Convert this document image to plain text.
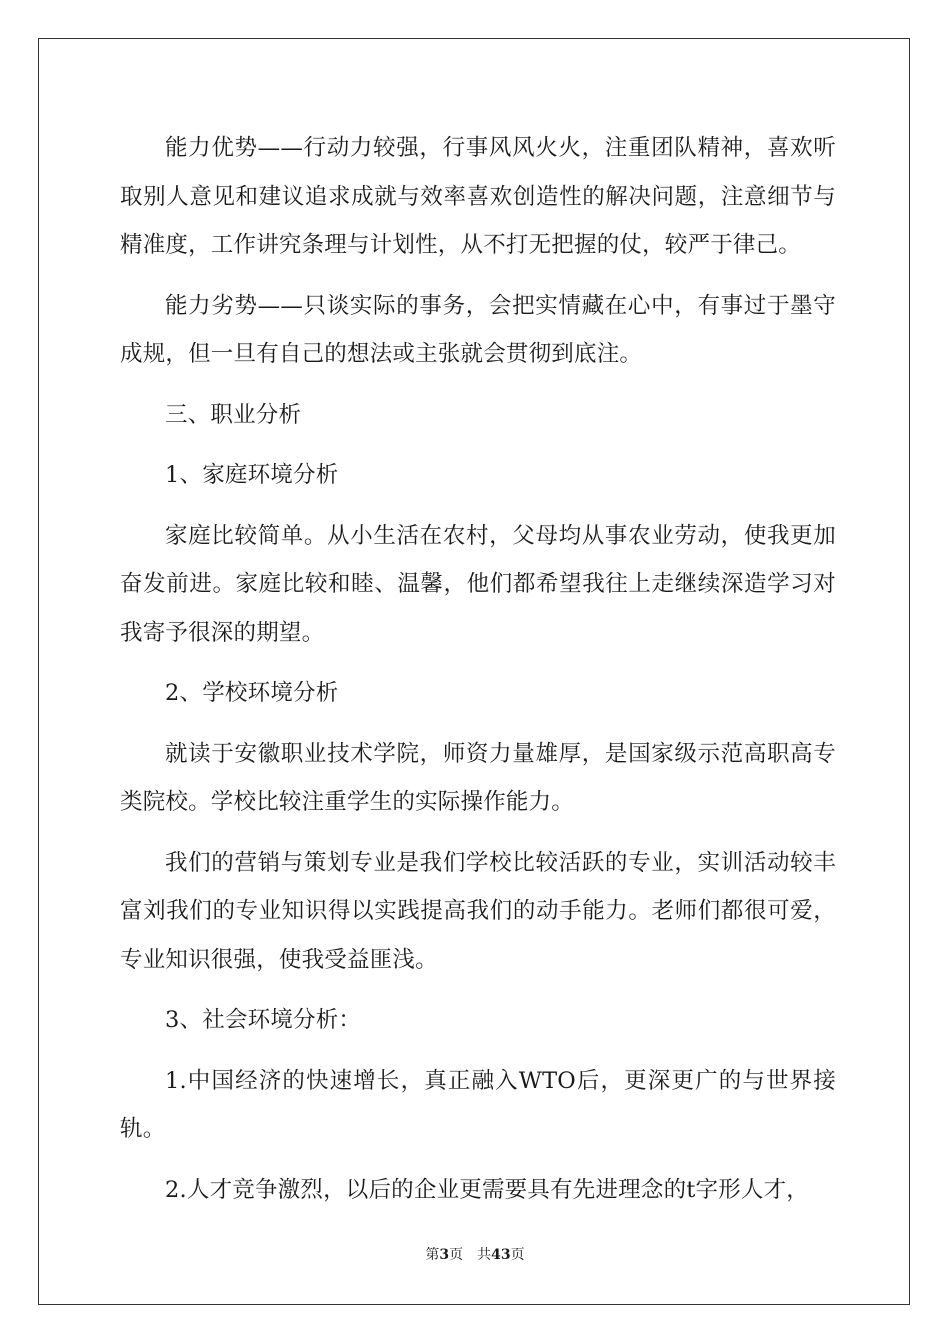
能力优势——行动力较强，行事风风火火，注重团队精神，喜欢听取别人意见和建议追求成就与效率喜欢创造性的解决问题，注意细节与精准度，工作讲究条理与计划性，从不打无把握的仗，较严于律己。

能力劣势——只谈实际的事务，会把实情藏在心中，有事过于墨守成规，但一旦有自己的想法或主张就会贯彻到底注。

三、职业分析

1、家庭环境分析

家庭比较简单。从小生活在农村，父母均从事农业劳动，使我更加奋发前进。家庭比较和睦、温馨，他们都希望我往上走继续深造学习对我寄予很深的期望。

2、学校环境分析

就读于安徽职业技术学院，师资力量雄厚，是国家级示范高职高专类院校。学校比较注重学生的实际操作能力。

我们的营销与策划专业是我们学校比较活跃的专业，实训活动较丰富刘我们的专业知识得以实践提高我们的动手能力。老师们都很可爱，专业知识很强，使我受益匪浅。

3、社会环境分析：

1.中国经济的快速增长，真正融入WTO后，更深更广的与世界接轨。

2.人才竞争激烈，以后的企业更需要具有先进理念的t字形人才，

第3页 共43页
